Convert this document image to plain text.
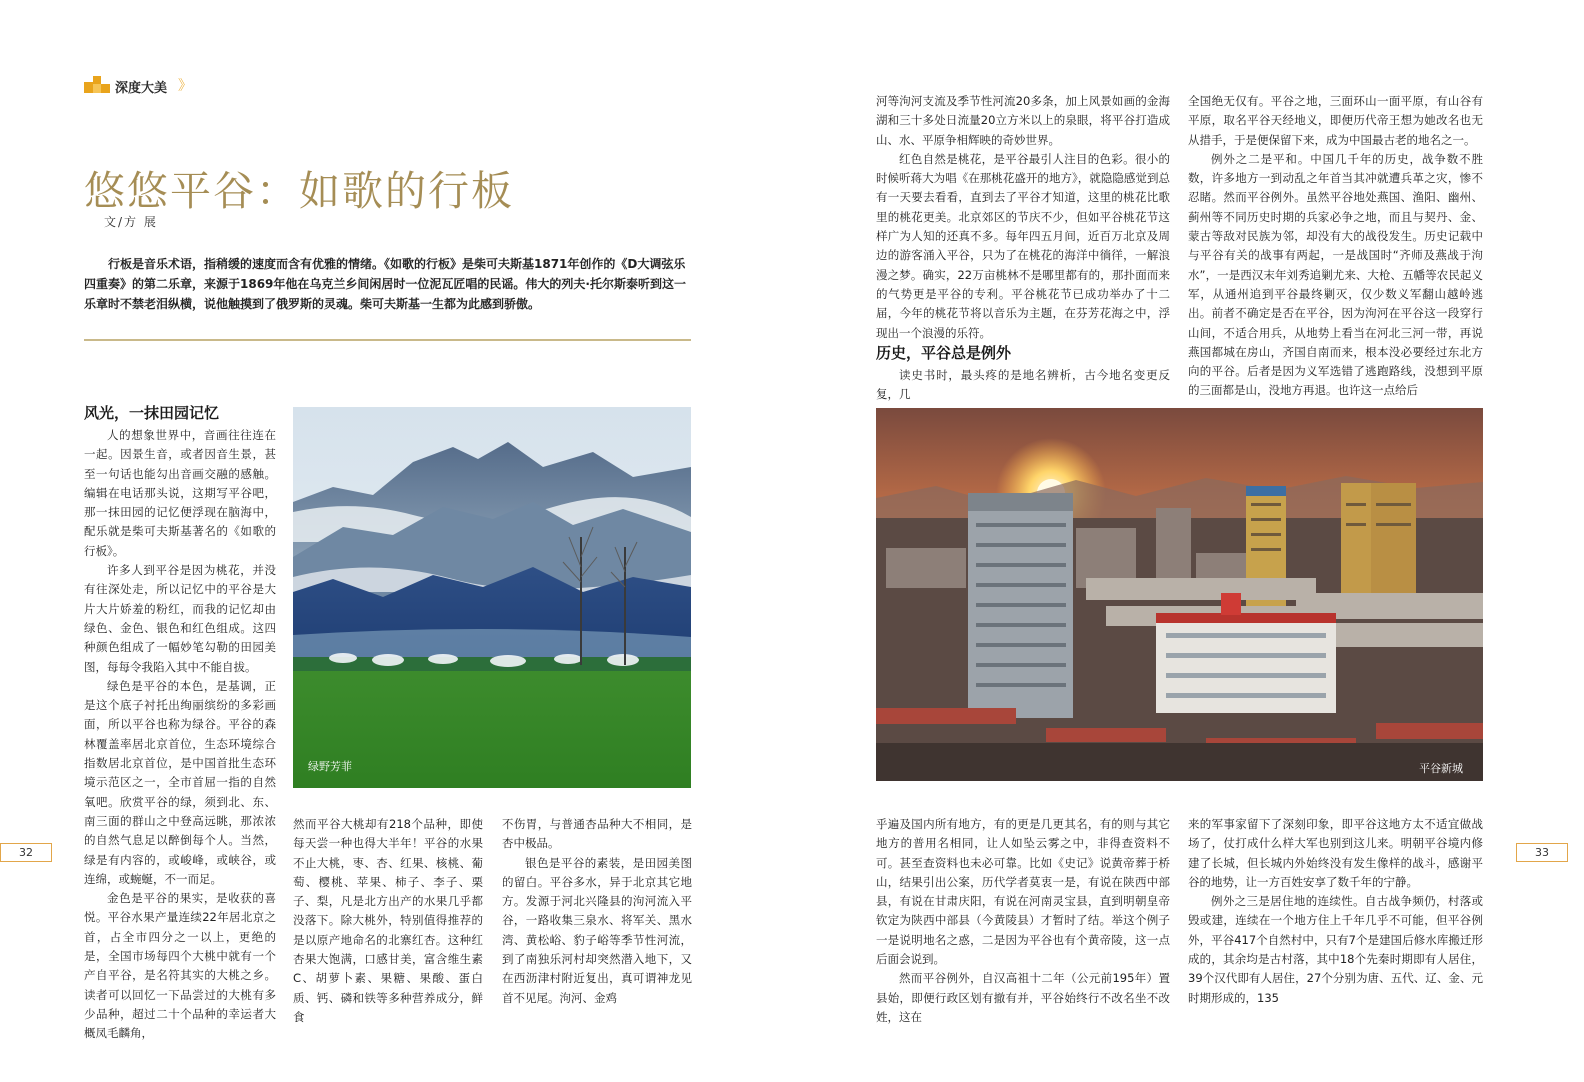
深度大美 》
悠悠平谷：如歌的行板
文/方 展
行板是音乐术语，指稍缓的速度而含有优雅的情绪。《如歌的行板》是柴可夫斯基1871年创作的《D大调弦乐四重奏》的第二乐章，来源于1869年他在乌克兰乡间闲居时一位泥瓦匠唱的民谣。伟大的列夫·托尔斯泰听到这一乐章时不禁老泪纵横，说他触摸到了俄罗斯的灵魂。柴可夫斯基一生都为此感到骄傲。
风光，一抹田园记忆

人的想象世界中，音画往往连在一起。因景生音，或者因音生景，甚至一句话也能勾出音画交融的感触。编辑在电话那头说，这期写平谷吧，那一抹田园的记忆便浮现在脑海中，配乐就是柴可夫斯基著名的《如歌的行板》。

许多人到平谷是因为桃花，并没有往深处走，所以记忆中的平谷是大片大片娇羞的粉红，而我的记忆却由绿色、金色、银色和红色组成。这四种颜色组成了一幅妙笔勾勒的田园美图，每每令我陷入其中不能自拔。

绿色是平谷的本色，是基调，正是这个底子衬托出绚丽缤纷的多彩画面，所以平谷也称为绿谷。平谷的森林覆盖率居北京首位，生态环境综合指数居北京首位，是中国首批生态环境示范区之一，全市首屈一指的自然氧吧。欣赏平谷的绿，须到北、东、南三面的群山之中登高远眺，那浓浓的自然气息足以醉倒每个人。当然，绿是有内容的，或峻峰，或峡谷，或连绵，或蜿蜒，不一而足。

金色是平谷的果实，是收获的喜悦。平谷水果产量连续22年居北京之首，占全市四分之一以上，更绝的是，全国市场每四个大桃中就有一个产自平谷，是名符其实的大桃之乡。读者可以回忆一下品尝过的大桃有多少品种，超过二十个品种的幸运者大概凤毛麟角，

绿野芳菲

然而平谷大桃却有218个品种，即使每天尝一种也得大半年！平谷的水果不止大桃，枣、杏、红果、核桃、葡萄、樱桃、苹果、柿子、李子、栗子、梨，凡是北方出产的水果几乎都没落下。除大桃外，特别值得推荐的是以原产地命名的北寨红杏。这种红杏果大饱满，口感甘美，富含维生素C、胡萝卜素、果糖、果酸、蛋白质、钙、磷和铁等多种营养成分，鲜食

不伤胃，与普通杏品种大不相同，是杏中极品。

银色是平谷的素装，是田园美图的留白。平谷多水，异于北京其它地方。发源于河北兴隆县的泃河流入平谷，一路收集三泉水、将军关、黑水湾、黄松峪、豹子峪等季节性河流，到了南独乐河村却突然潜入地下，又在西沥津村附近复出，真可谓神龙见首不见尾。泃河、金鸡

32

河等泃河支流及季节性河流20多条，加上风景如画的金海湖和三十多处日流量20立方米以上的泉眼，将平谷打造成山、水、平原争相辉映的奇妙世界。

红色自然是桃花，是平谷最引人注目的色彩。很小的时候听蒋大为唱《在那桃花盛开的地方》，就隐隐感觉到总有一天要去看看，直到去了平谷才知道，这里的桃花比歌里的桃花更美。北京郊区的节庆不少，但如平谷桃花节这样广为人知的还真不多。每年四五月间，近百万北京及周边的游客涌入平谷，只为了在桃花的海洋中徜徉，一解浪漫之梦。确实，22万亩桃林不是哪里都有的，那扑面而来的气势更是平谷的专利。平谷桃花节已成功举办了十二届，今年的桃花节将以音乐为主题，在芬芳花海之中，浮现出一个浪漫的乐符。

历史，平谷总是例外

读史书时，最头疼的是地名辨析，古今地名变更反复，几

全国绝无仅有。平谷之地，三面环山一面平原，有山谷有平原，取名平谷天经地义，即便历代帝王想为她改名也无从措手，于是便保留下来，成为中国最古老的地名之一。

例外之二是平和。中国几千年的历史，战争数不胜数，许多地方一到动乱之年首当其冲就遭兵革之灾，惨不忍睹。然而平谷例外。虽然平谷地处燕国、渔阳、幽州、蓟州等不同历史时期的兵家必争之地，而且与契丹、金、蒙古等敌对民族为邻，却没有大的战役发生。历史记载中与平谷有关的战事有两起，一是战国时“齐师及燕战于泃水”，一是西汉末年刘秀追剿尤来、大枪、五幡等农民起义军，从通州追到平谷最终剿灭，仅少数义军翻山越岭逃出。前者不确定是否在平谷，因为泃河在平谷这一段穿行山间，不适合用兵，从地势上看当在河北三河一带，再说燕国都城在房山，齐国自南而来，根本没必要经过东北方向的平谷。后者是因为义军选错了逃跑路线，没想到平原的三面都是山，没地方再退。也许这一点给后

平谷新城

乎遍及国内所有地方，有的更是几更其名，有的则与其它地方的普用名相同，让人如坠云雾之中，非得查资料不可。甚至查资料也未必可靠。比如《史记》说黄帝葬于桥山，结果引出公案，历代学者莫衷一是，有说在陕西中部县，有说在甘肃庆阳，有说在河南灵宝县，直到明朝皇帝钦定为陕西中部县（今黄陵县）才暂时了结。举这个例子一是说明地名之惑，二是因为平谷也有个黄帝陵，这一点后面会说到。

然而平谷例外，自汉高祖十二年（公元前195年）置县始，即便行政区划有撤有并，平谷始终行不改名坐不改姓，这在

来的军事家留下了深刻印象，即平谷这地方太不适宜做战场了，仗打成什么样大军也别到这儿来。明朝平谷境内修建了长城，但长城内外始终没有发生像样的战斗，感谢平谷的地势，让一方百姓安享了数千年的宁静。

例外之三是居住地的连续性。自古战争频仍，村落或毁或建，连续在一个地方住上千年几乎不可能，但平谷例外，平谷417个自然村中，只有7个是建国后修水库搬迁形成的，其余均是古村落，其中18个先秦时期即有人居住，39个汉代即有人居住，27个分别为唐、五代、辽、金、元时期形成的，135

33
